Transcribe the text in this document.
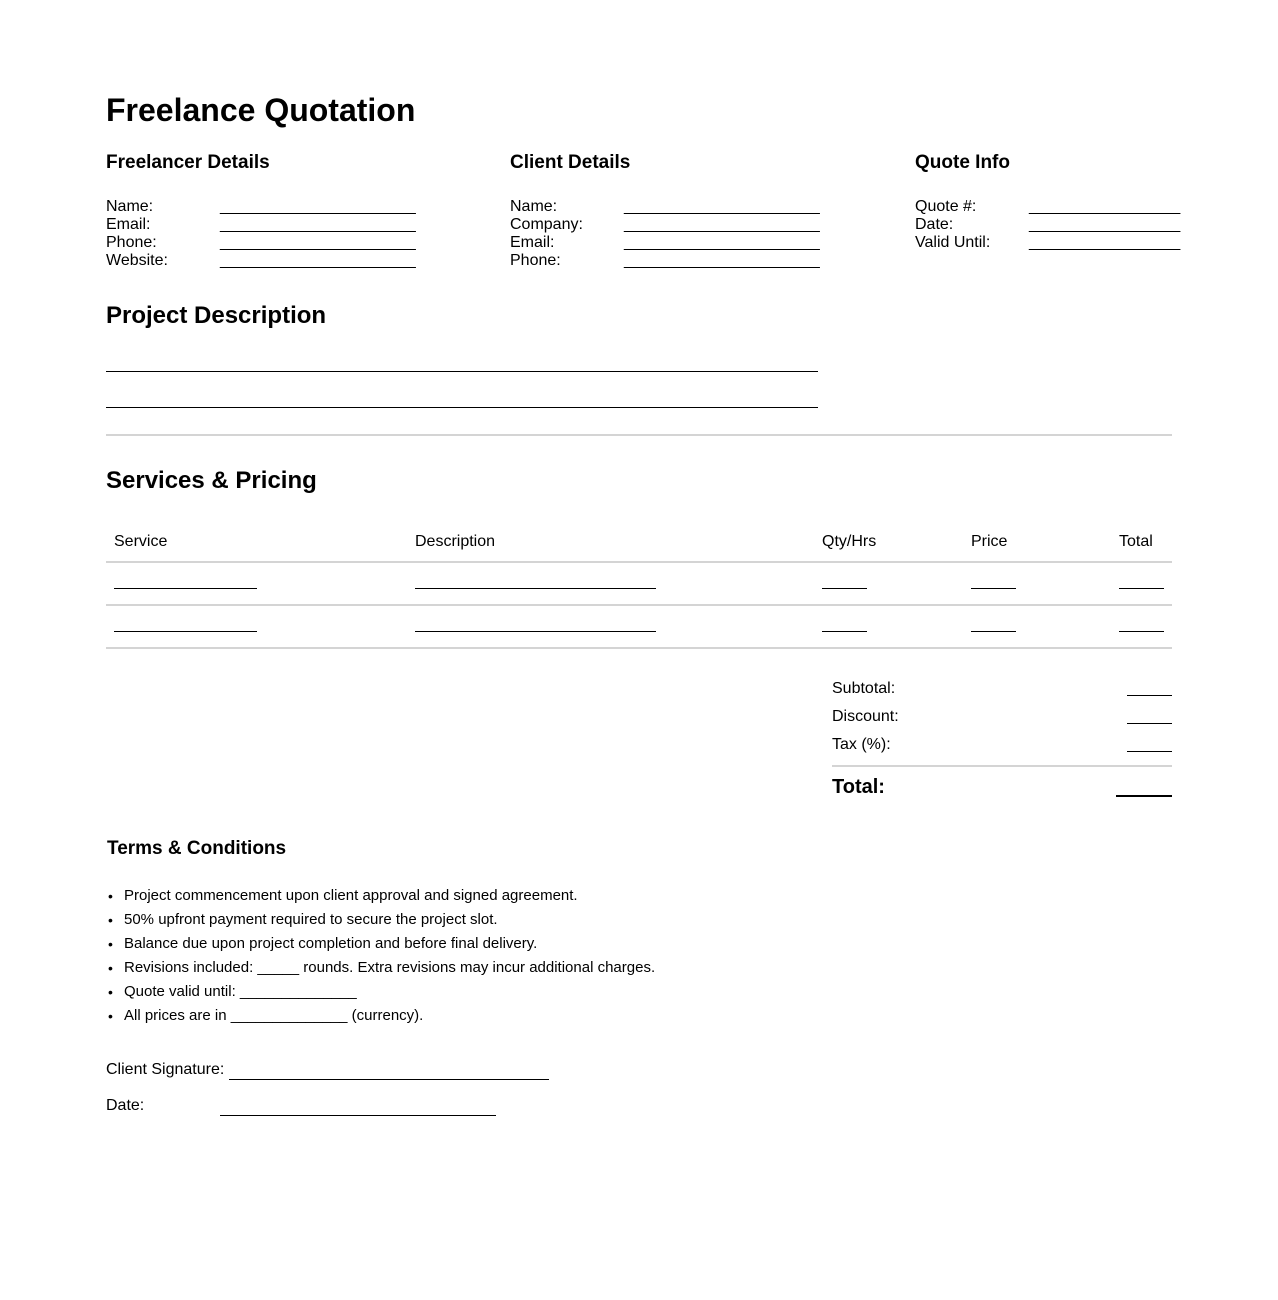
Freelance Quotation
Freelancer Details
Name:	______________________
Email:	______________________
Phone:	______________________
Website:	______________________
Client Details
Name:	______________________
Company:	______________________
Email:	______________________
Phone:	______________________
Quote Info
Quote #:	_________________
Date:	_________________
Valid Until:	_________________
Project Description
Services & Pricing
Service	Description	Qty/Hrs	Price	Total

Subtotal:
Discount:
Tax (%):
Total:
Terms & Conditions
• Project commencement upon client approval and signed agreement.
• 50% upfront payment required to secure the project slot.
• Balance due upon project completion and before final delivery.
• Revisions included: _____ rounds. Extra revisions may incur additional charges.
• Quote valid until: ______________
• All prices are in ______________ (currency).
Client Signature:
Date:
